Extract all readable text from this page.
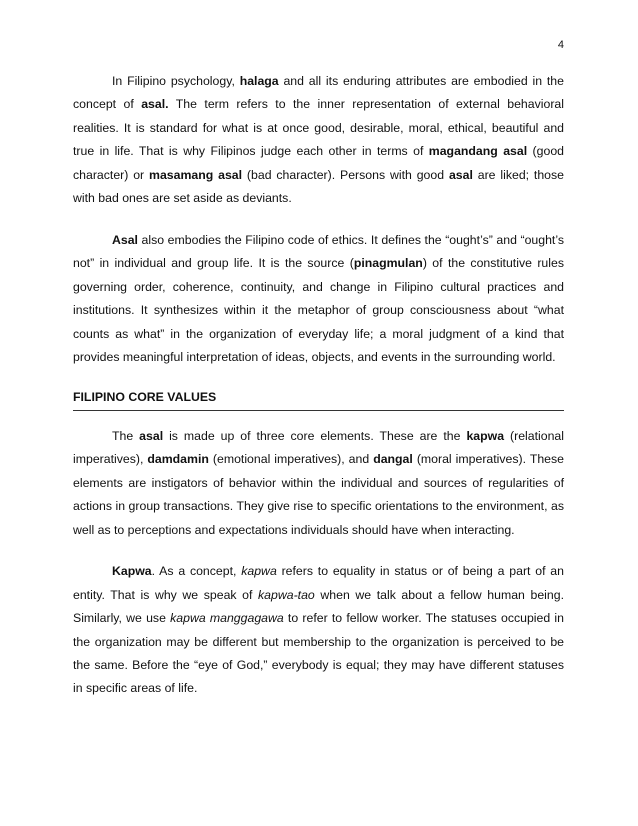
4

In Filipino psychology, halaga and all its enduring attributes are embodied in the concept of asal. The term refers to the inner representation of external behavioral realities. It is standard for what is at once good, desirable, moral, ethical, beautiful and true in life. That is why Filipinos judge each other in terms of magandang asal (good character) or masamang asal (bad character). Persons with good asal are liked; those with bad ones are set aside as deviants.

Asal also embodies the Filipino code of ethics. It defines the “ought’s” and “ought’s not” in individual and group life. It is the source (pinagmulan) of the constitutive rules governing order, coherence, continuity, and change in Filipino cultural practices and institutions. It synthesizes within it the metaphor of group consciousness about “what counts as what” in the organization of everyday life; a moral judgment of a kind that provides meaningful interpretation of ideas, objects, and events in the surrounding world.

FILIPINO CORE VALUES

The asal is made up of three core elements. These are the kapwa (relational imperatives), damdamin (emotional imperatives), and dangal (moral imperatives). These elements are instigators of behavior within the individual and sources of regularities of actions in group transactions. They give rise to specific orientations to the environment, as well as to perceptions and expectations individuals should have when interacting.

Kapwa. As a concept, kapwa refers to equality in status or of being a part of an entity. That is why we speak of kapwa-tao when we talk about a fellow human being. Similarly, we use kapwa manggagawa to refer to fellow worker. The statuses occupied in the organization may be different but membership to the organization is perceived to be the same. Before the “eye of God,” everybody is equal; they may have different statuses in specific areas of life.
